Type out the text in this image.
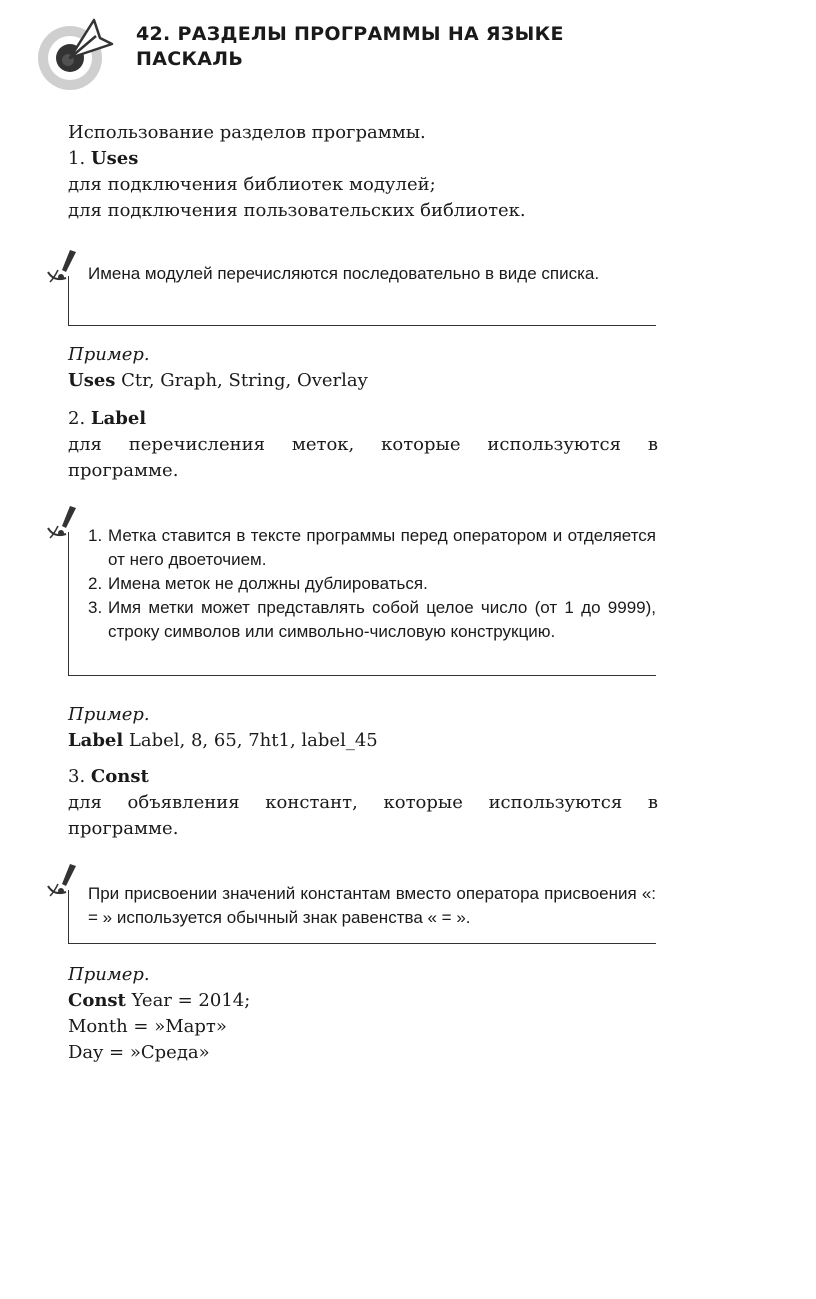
42. РАЗДЕЛЫ ПРОГРАММЫ НА ЯЗЫКЕ
ПАСКАЛЬ

Использование разделов программы.

1. Uses

для подключения библиотек модулей;

для подключения пользовательских библиотек.

Имена модулей перечисляются последовательно в виде списка.

Пример.

Uses Ctr, Graph, String, Overlay

2. Label

для перечисления меток, которые используются в программе.

1. Метка ставится в тексте программы перед оператором и отделяется от него двоеточием.
2. Имена меток не должны дублироваться.
3. Имя метки может представлять собой целое число (от 1 до 9999), строку символов или символьно-числовую конструкцию.

Пример.

Label Label, 8, 65, 7ht1, label_45

3. Const

для объявления констант, которые используются в программе.

При присвоении значений константам вместо оператора присвоения «: = » используется обычный знак равенства « = ».

Пример.

Const Year = 2014;

Month = »Март»

Day = »Среда»
